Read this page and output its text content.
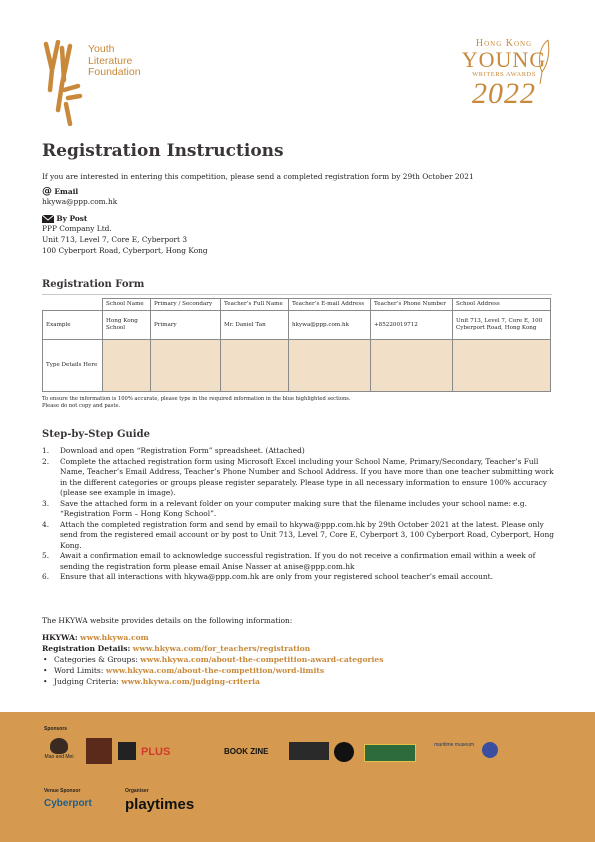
Youth
Literature
Foundation
Hong Kong
YOUNG
WRITERS AWARDS
2022
Registration Instructions
If you are interested in entering this competition, please send a completed registration form by 29th October 2021
@ Email
hkywa@ppp.com.hk
By Post
PPP Company Ltd.
Unit 713, Level 7, Core E, Cyberport 3
100 Cyberport Road, Cyberport, Hong Kong
Registration Form
	School Name	Primary / Secondary	Teacher’s Full Name	Teacher’s E-mail Address	Teacher’s Phone Number	School Address
Example	Hong Kong School	Primary	Mr. Daniel Tan	hkywa@ppp.com.hk	+85220019712	Unit 713, Level 7, Core E, 100 Cyberport Road, Hong Kong
Type Details Here						
To ensure the information is 100% accurate, please type in the required information in the blue highlighted sections.
Please do not copy and paste.
Step-by-Step Guide
1. Download and open “Registration Form” spreadsheet. (Attached)
2. Complete the attached registration form using Microsoft Excel including your School Name, Primary/Secondary, Teacher’s Full Name, Teacher’s Email Address, Teacher’s Phone Number and School Address. If you have more than one teacher submitting work in the different categories or groups please register separately. Please type in all necessary information to ensure 100% accuracy (please see example in image).
3. Save the attached form in a relevant folder on your computer making sure that the filename includes your school name: e.g. “Registration Form – Hong Kong School”.
4. Attach the completed registration form and send by email to hkywa@ppp.com.hk by 29th October 2021 at the latest. Please only send from the registered email account or by post to Unit 713, Level 7, Core E, Cyberport 3, 100 Cyberport Road, Cyberport, Hong Kong.
5. Await a confirmation email to acknowledge successful registration. If you do not receive a confirmation email within a week of sending the registration form please email Anise Nasser at anise@ppp.com.hk
6. Ensure that all interactions with hkywa@ppp.com.hk are only from your registered school teacher’s email account.
The HKYWA website provides details on the following information:
HKYWA: www.hkywa.com
Registration Details: www.hkywa.com/for_teachers/registration
• Categories & Groups: www.hkywa.com/about-the-competition-award-categories
• Word Limits: www.hkywa.com/about-the-competition/word-limits
• Judging Criteria: www.hkywa.com/judging-criteria
Sponsors
Mao and Mei	PLUS	BOOK ZINE
maritime museum
Venue Sponsor
Cyberport
Organiser
playtimes
